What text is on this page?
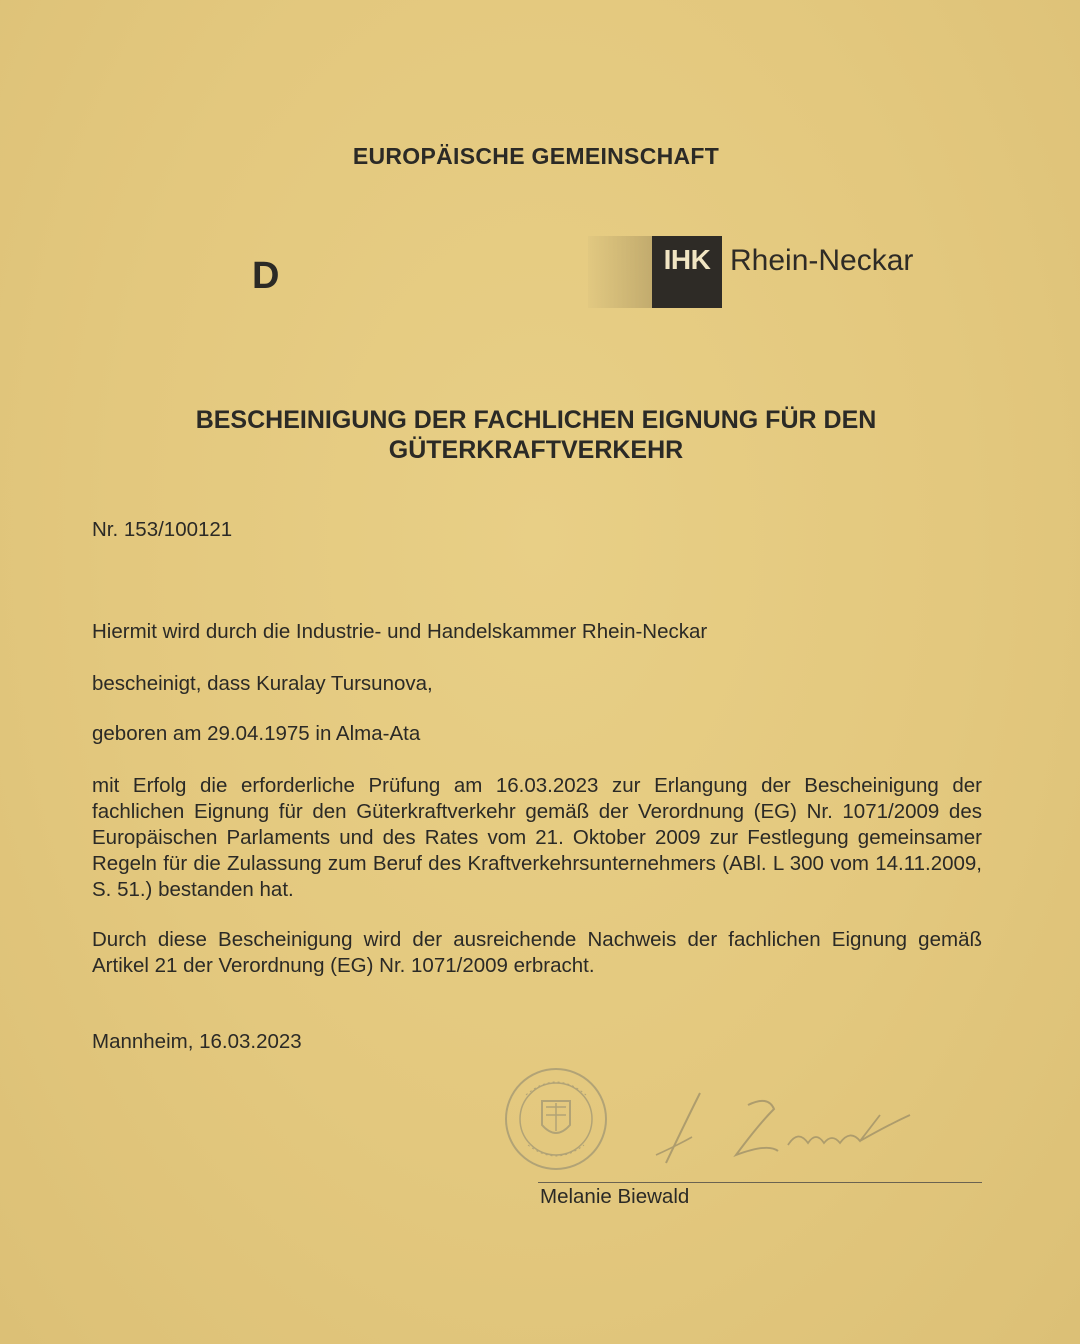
EUROPÄISCHE GEMEINSCHAFT
D	IHK Rhein-Neckar
BESCHEINIGUNG DER FACHLICHEN EIGNUNG FÜR DEN
GÜTERKRAFTVERKEHR
Nr. 153/100121
Hiermit wird durch die Industrie- und Handelskammer Rhein-Neckar
bescheinigt, dass Kuralay Tursunova,
geboren am 29.04.1975 in Alma-Ata
mit Erfolg die erforderliche Prüfung am 16.03.2023 zur Erlangung der Bescheinigung der fachlichen Eignung für den Güterkraftverkehr gemäß der Verordnung (EG) Nr. 1071/2009 des Europäischen Parlaments und des Rates vom 21. Oktober 2009 zur Festlegung gemeinsamer Regeln für die Zulassung zum Beruf des Kraftverkehrsunternehmers (ABl. L 300 vom 14.11.2009, S. 51.) bestanden hat.
Durch diese Bescheinigung wird der ausreichende Nachweis der fachlichen Eignung gemäß Artikel 21 der Verordnung (EG) Nr. 1071/2009 erbracht.
Mannheim, 16.03.2023
Melanie Biewald
